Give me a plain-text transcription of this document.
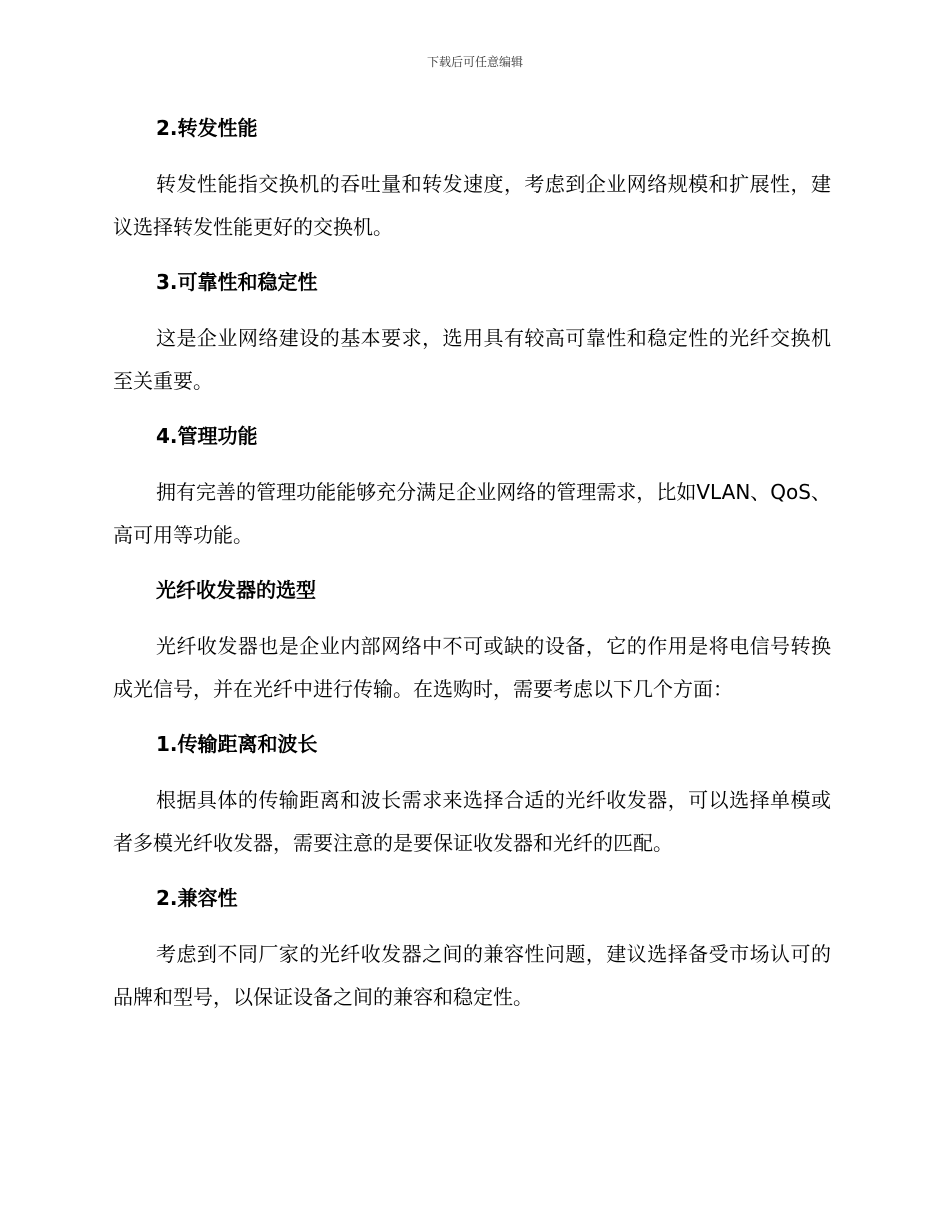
下载后可任意编辑
2.转发性能

转发性能指交换机的吞吐量和转发速度，考虑到企业网络规模和扩展性，建议选择转发性能更好的交换机。

3.可靠性和稳定性

这是企业网络建设的基本要求，选用具有较高可靠性和稳定性的光纤交换机至关重要。

4.管理功能

拥有完善的管理功能能够充分满足企业网络的管理需求，比如VLAN、QoS、高可用等功能。

光纤收发器的选型

光纤收发器也是企业内部网络中不可或缺的设备，它的作用是将电信号转换成光信号，并在光纤中进行传输。在选购时，需要考虑以下几个方面：

1.传输距离和波长

根据具体的传输距离和波长需求来选择合适的光纤收发器，可以选择单模或者多模光纤收发器，需要注意的是要保证收发器和光纤的匹配。

2.兼容性

考虑到不同厂家的光纤收发器之间的兼容性问题，建议选择备受市场认可的品牌和型号，以保证设备之间的兼容和稳定性。
